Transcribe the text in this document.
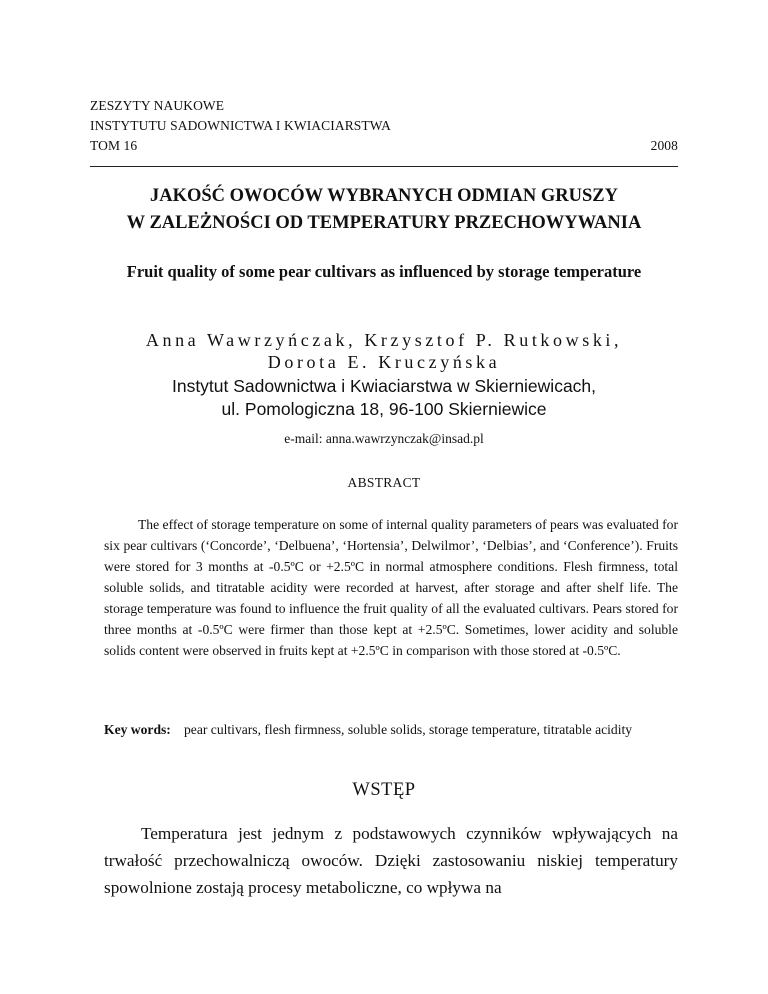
ZESZYTY NAUKOWE
INSTYTUTU SADOWNICTWA I KWIACIARSTWA
TOM 16	2008
JAKOŚĆ OWOCÓW WYBRANYCH ODMIAN GRUSZY
W ZALEŻNOŚCI OD TEMPERATURY PRZECHOWYWANIA
Fruit quality of some pear cultivars as influenced by storage temperature
Anna Wawrzyńczak, Krzysztof P. Rutkowski,
Dorota E. Kruczyńska
Instytut Sadownictwa i Kwiaciarstwa w Skierniewicach,
ul. Pomologiczna 18, 96-100 Skierniewice
e-mail: anna.wawrzynczak@insad.pl
ABSTRACT

The effect of storage temperature on some of internal quality parameters of pears was evaluated for six pear cultivars (‘Concorde’, ‘Delbuena’, ‘Hortensia’, Delwilmor’, ‘Delbias’, and ‘Conference’). Fruits were stored for 3 months at -0.5ºC or +2.5ºC in normal atmosphere conditions. Flesh firmness, total soluble solids, and titratable acidity were recorded at harvest, after storage and after shelf life. The storage temperature was found to influence the fruit quality of all the evaluated cultivars. Pears stored for three months at -0.5ºC were firmer than those kept at +2.5ºC. Sometimes, lower acidity and soluble solids content were observed in fruits kept at +2.5ºC in comparison with those stored at -0.5ºC.

Key words: pear cultivars, flesh firmness, soluble solids, storage temperature, titratable acidity
WSTĘP

Temperatura jest jednym z podstawowych czynników wpływających na trwałość przechowalniczą owoców. Dzięki zastosowaniu niskiej temperatury spowolnione zostają procesy metaboliczne, co wpływa na
